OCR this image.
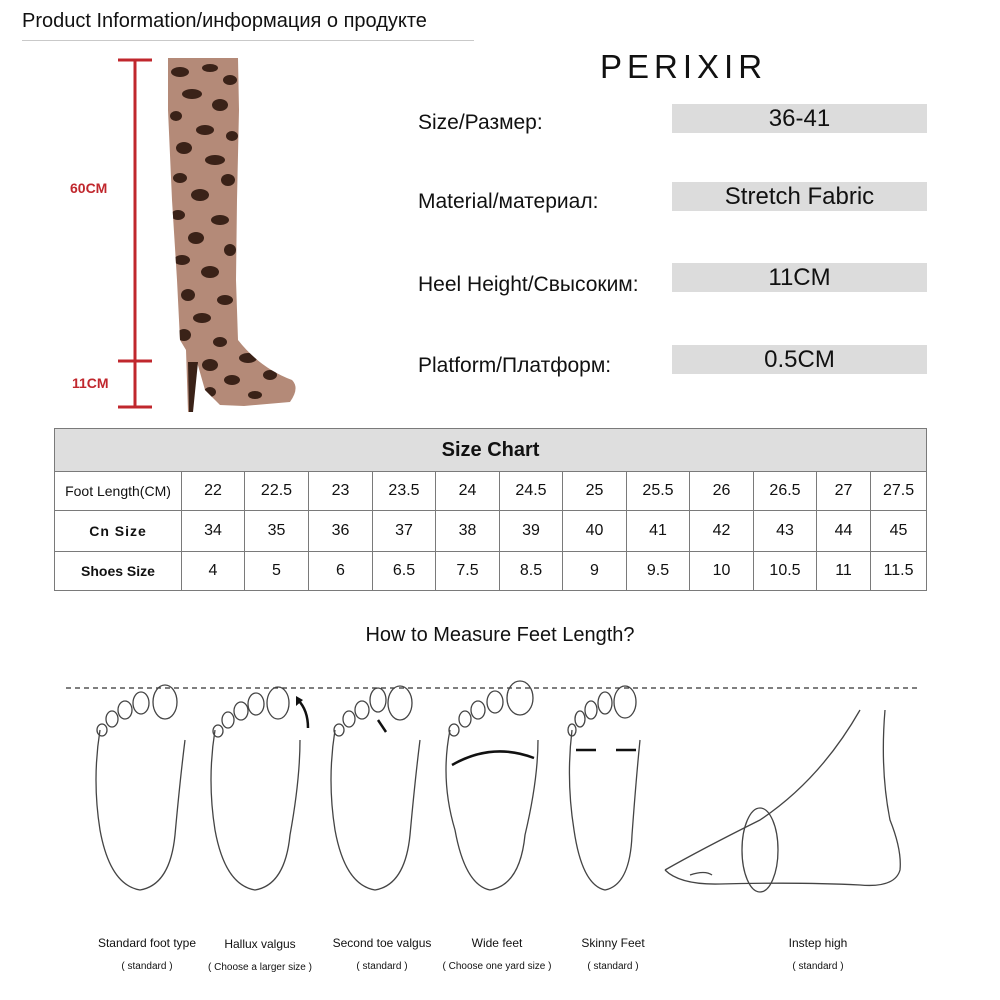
Product Information/информация о продукте
PERIXIR
Size/Размер:	36-41
Material/материал:	Stretch Fabric
Heel Height/Свысоким:	11CM
Platform/Платформ:	0.5CM
60CM
11CM
Size Chart												
Foot Length(CM)	22	22.5	23	23.5	24	24.5	25	25.5	26	26.5	27	27.5
Cn Size	34	35	36	37	38	39	40	41	42	43	44	45
Shoes Size	4	5	6	6.5	7.5	8.5	9	9.5	10	10.5	11	11.5
How to Measure Feet Length?
Standard foot type
( standard )
Hallux valgus
( Choose a larger size )
Second toe valgus
( standard )
Wide feet
( Choose one yard size )
Skinny Feet
( standard )
Instep high
( standard )
